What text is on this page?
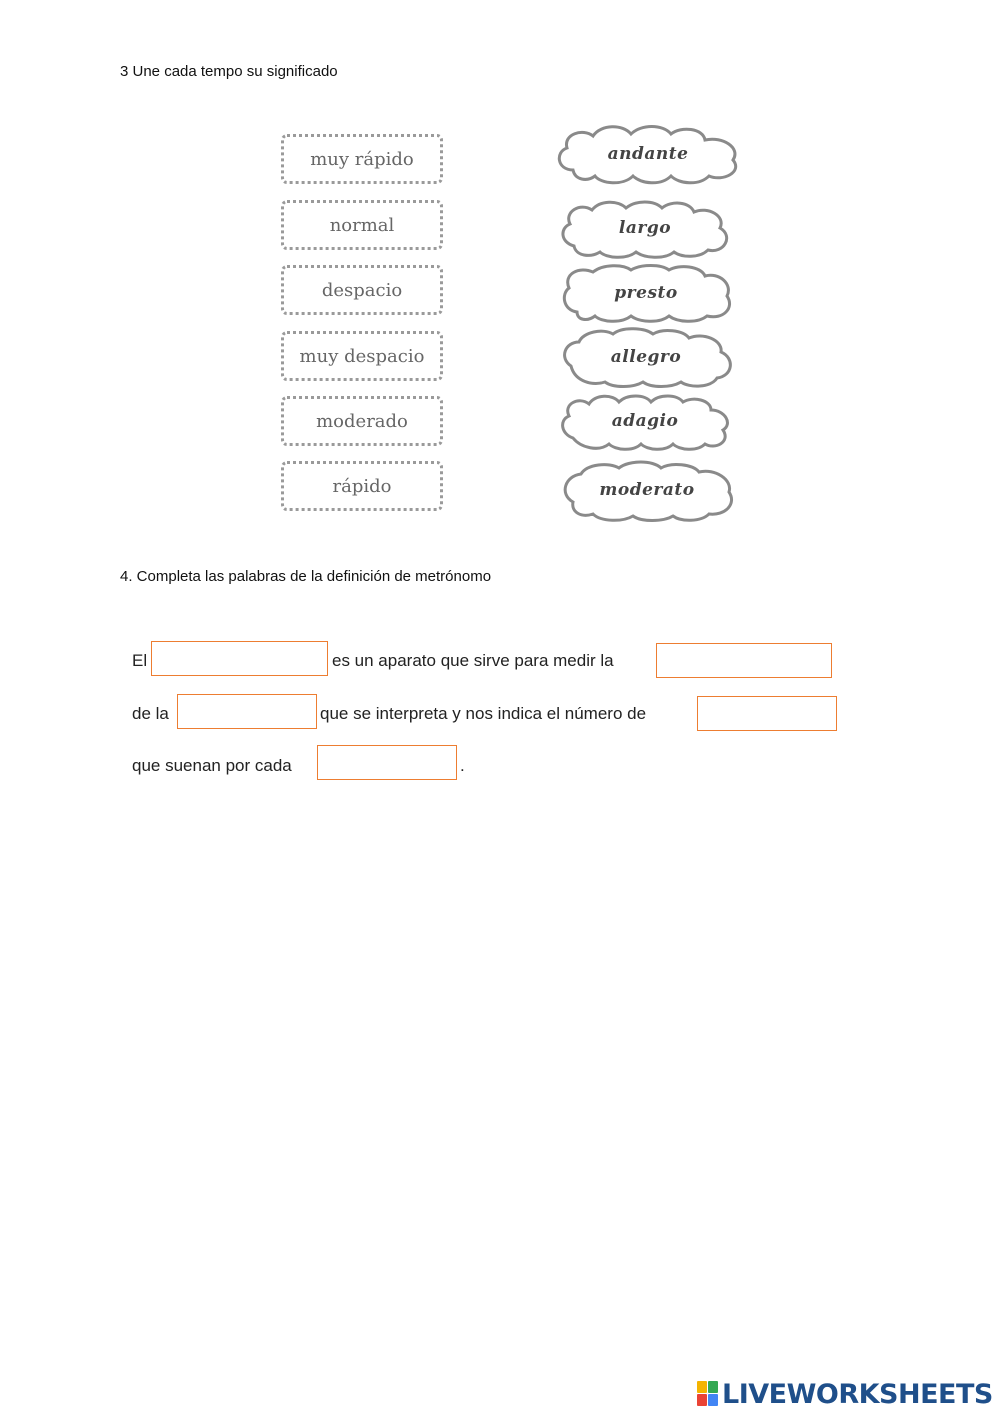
3 Une cada tempo su significado
muy rápido
normal
despacio
muy despacio
moderado
rápido
andante
largo
presto
allegro
adagio
moderato
4. Completa las palabras de la definición de metrónomo
El	es un aparato que sirve para medir la
de la	que se interpreta y nos indica el número de
que suenan por cada	.
LIVEWORKSHEETS
